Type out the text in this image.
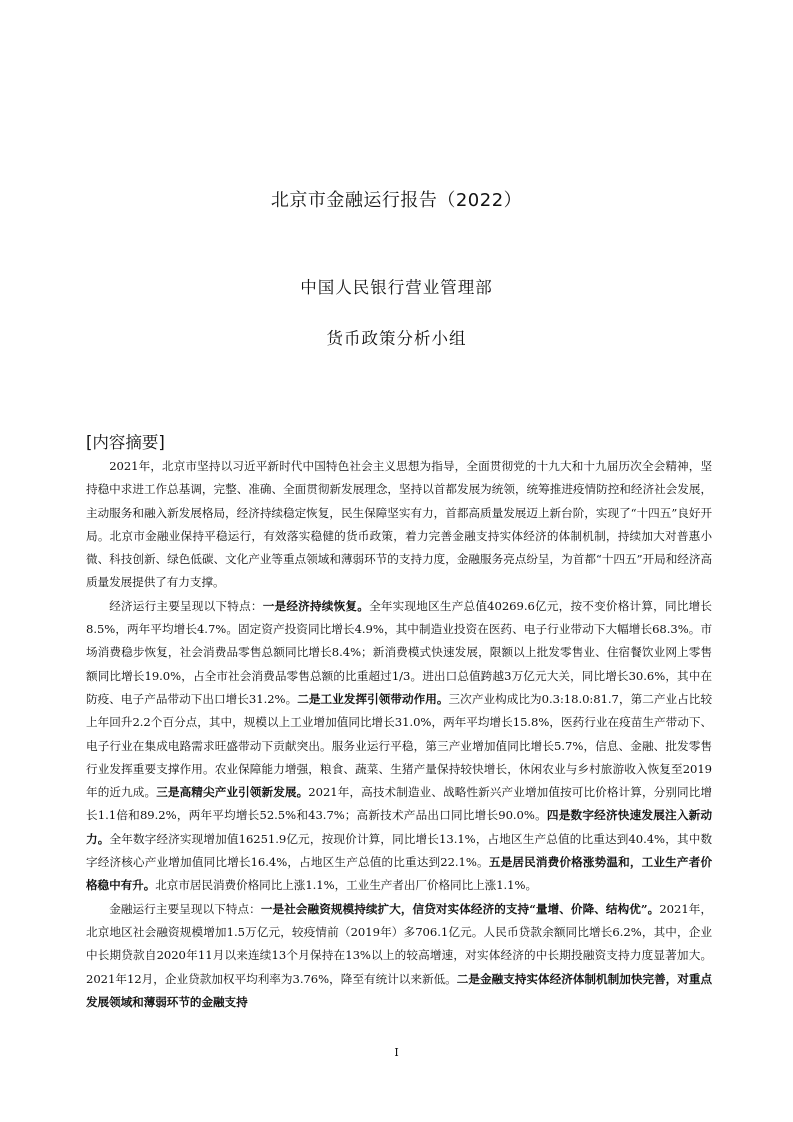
北京市金融运行报告（2022）
中国人民银行营业管理部
货币政策分析小组
[内容摘要]

2021年，北京市坚持以习近平新时代中国特色社会主义思想为指导，全面贯彻党的十九大和十九届历次全会精神，坚持稳中求进工作总基调，完整、准确、全面贯彻新发展理念，坚持以首都发展为统领，统筹推进疫情防控和经济社会发展，主动服务和融入新发展格局，经济持续稳定恢复，民生保障坚实有力，首都高质量发展迈上新台阶，实现了“十四五”良好开局。北京市金融业保持平稳运行，有效落实稳健的货币政策，着力完善金融支持实体经济的体制机制，持续加大对普惠小微、科技创新、绿色低碳、文化产业等重点领域和薄弱环节的支持力度，金融服务亮点纷呈，为首都“十四五”开局和经济高质量发展提供了有力支撑。

经济运行主要呈现以下特点：一是经济持续恢复。全年实现地区生产总值40269.6亿元，按不变价格计算，同比增长8.5%，两年平均增长4.7%。固定资产投资同比增长4.9%，其中制造业投资在医药、电子行业带动下大幅增长68.3%。市场消费稳步恢复，社会消费品零售总额同比增长8.4%；新消费模式快速发展，限额以上批发零售业、住宿餐饮业网上零售额同比增长19.0%，占全市社会消费品零售总额的比重超过1/3。进出口总值跨越3万亿元大关，同比增长30.6%，其中在防疫、电子产品带动下出口增长31.2%。二是工业发挥引领带动作用。三次产业构成比为0.3:18.0:81.7，第二产业占比较上年回升2.2个百分点，其中，规模以上工业增加值同比增长31.0%，两年平均增长15.8%，医药行业在疫苗生产带动下、电子行业在集成电路需求旺盛带动下贡献突出。服务业运行平稳，第三产业增加值同比增长5.7%，信息、金融、批发零售行业发挥重要支撑作用。农业保障能力增强，粮食、蔬菜、生猪产量保持较快增长，休闲农业与乡村旅游收入恢复至2019年的近九成。三是高精尖产业引领新发展。2021年，高技术制造业、战略性新兴产业增加值按可比价格计算，分别同比增长1.1倍和89.2%，两年平均增长52.5%和43.7%；高新技术产品出口同比增长90.0%。四是数字经济快速发展注入新动力。全年数字经济实现增加值16251.9亿元，按现价计算，同比增长13.1%，占地区生产总值的比重达到40.4%，其中数字经济核心产业增加值同比增长16.4%，占地区生产总值的比重达到22.1%。五是居民消费价格涨势温和，工业生产者价格稳中有升。北京市居民消费价格同比上涨1.1%，工业生产者出厂价格同比上涨1.1%。

金融运行主要呈现以下特点：一是社会融资规模持续扩大，信贷对实体经济的支持“量增、价降、结构优”。2021年，北京地区社会融资规模增加1.5万亿元，较疫情前（2019年）多706.1亿元。人民币贷款余额同比增长6.2%，其中，企业中长期贷款自2020年11月以来连续13个月保持在13%以上的较高增速，对实体经济的中长期投融资支持力度显著加大。2021年12月，企业贷款加权平均利率为3.76%，降至有统计以来新低。二是金融支持实体经济体制机制加快完善，对重点发展领域和薄弱环节的金融支持

I
